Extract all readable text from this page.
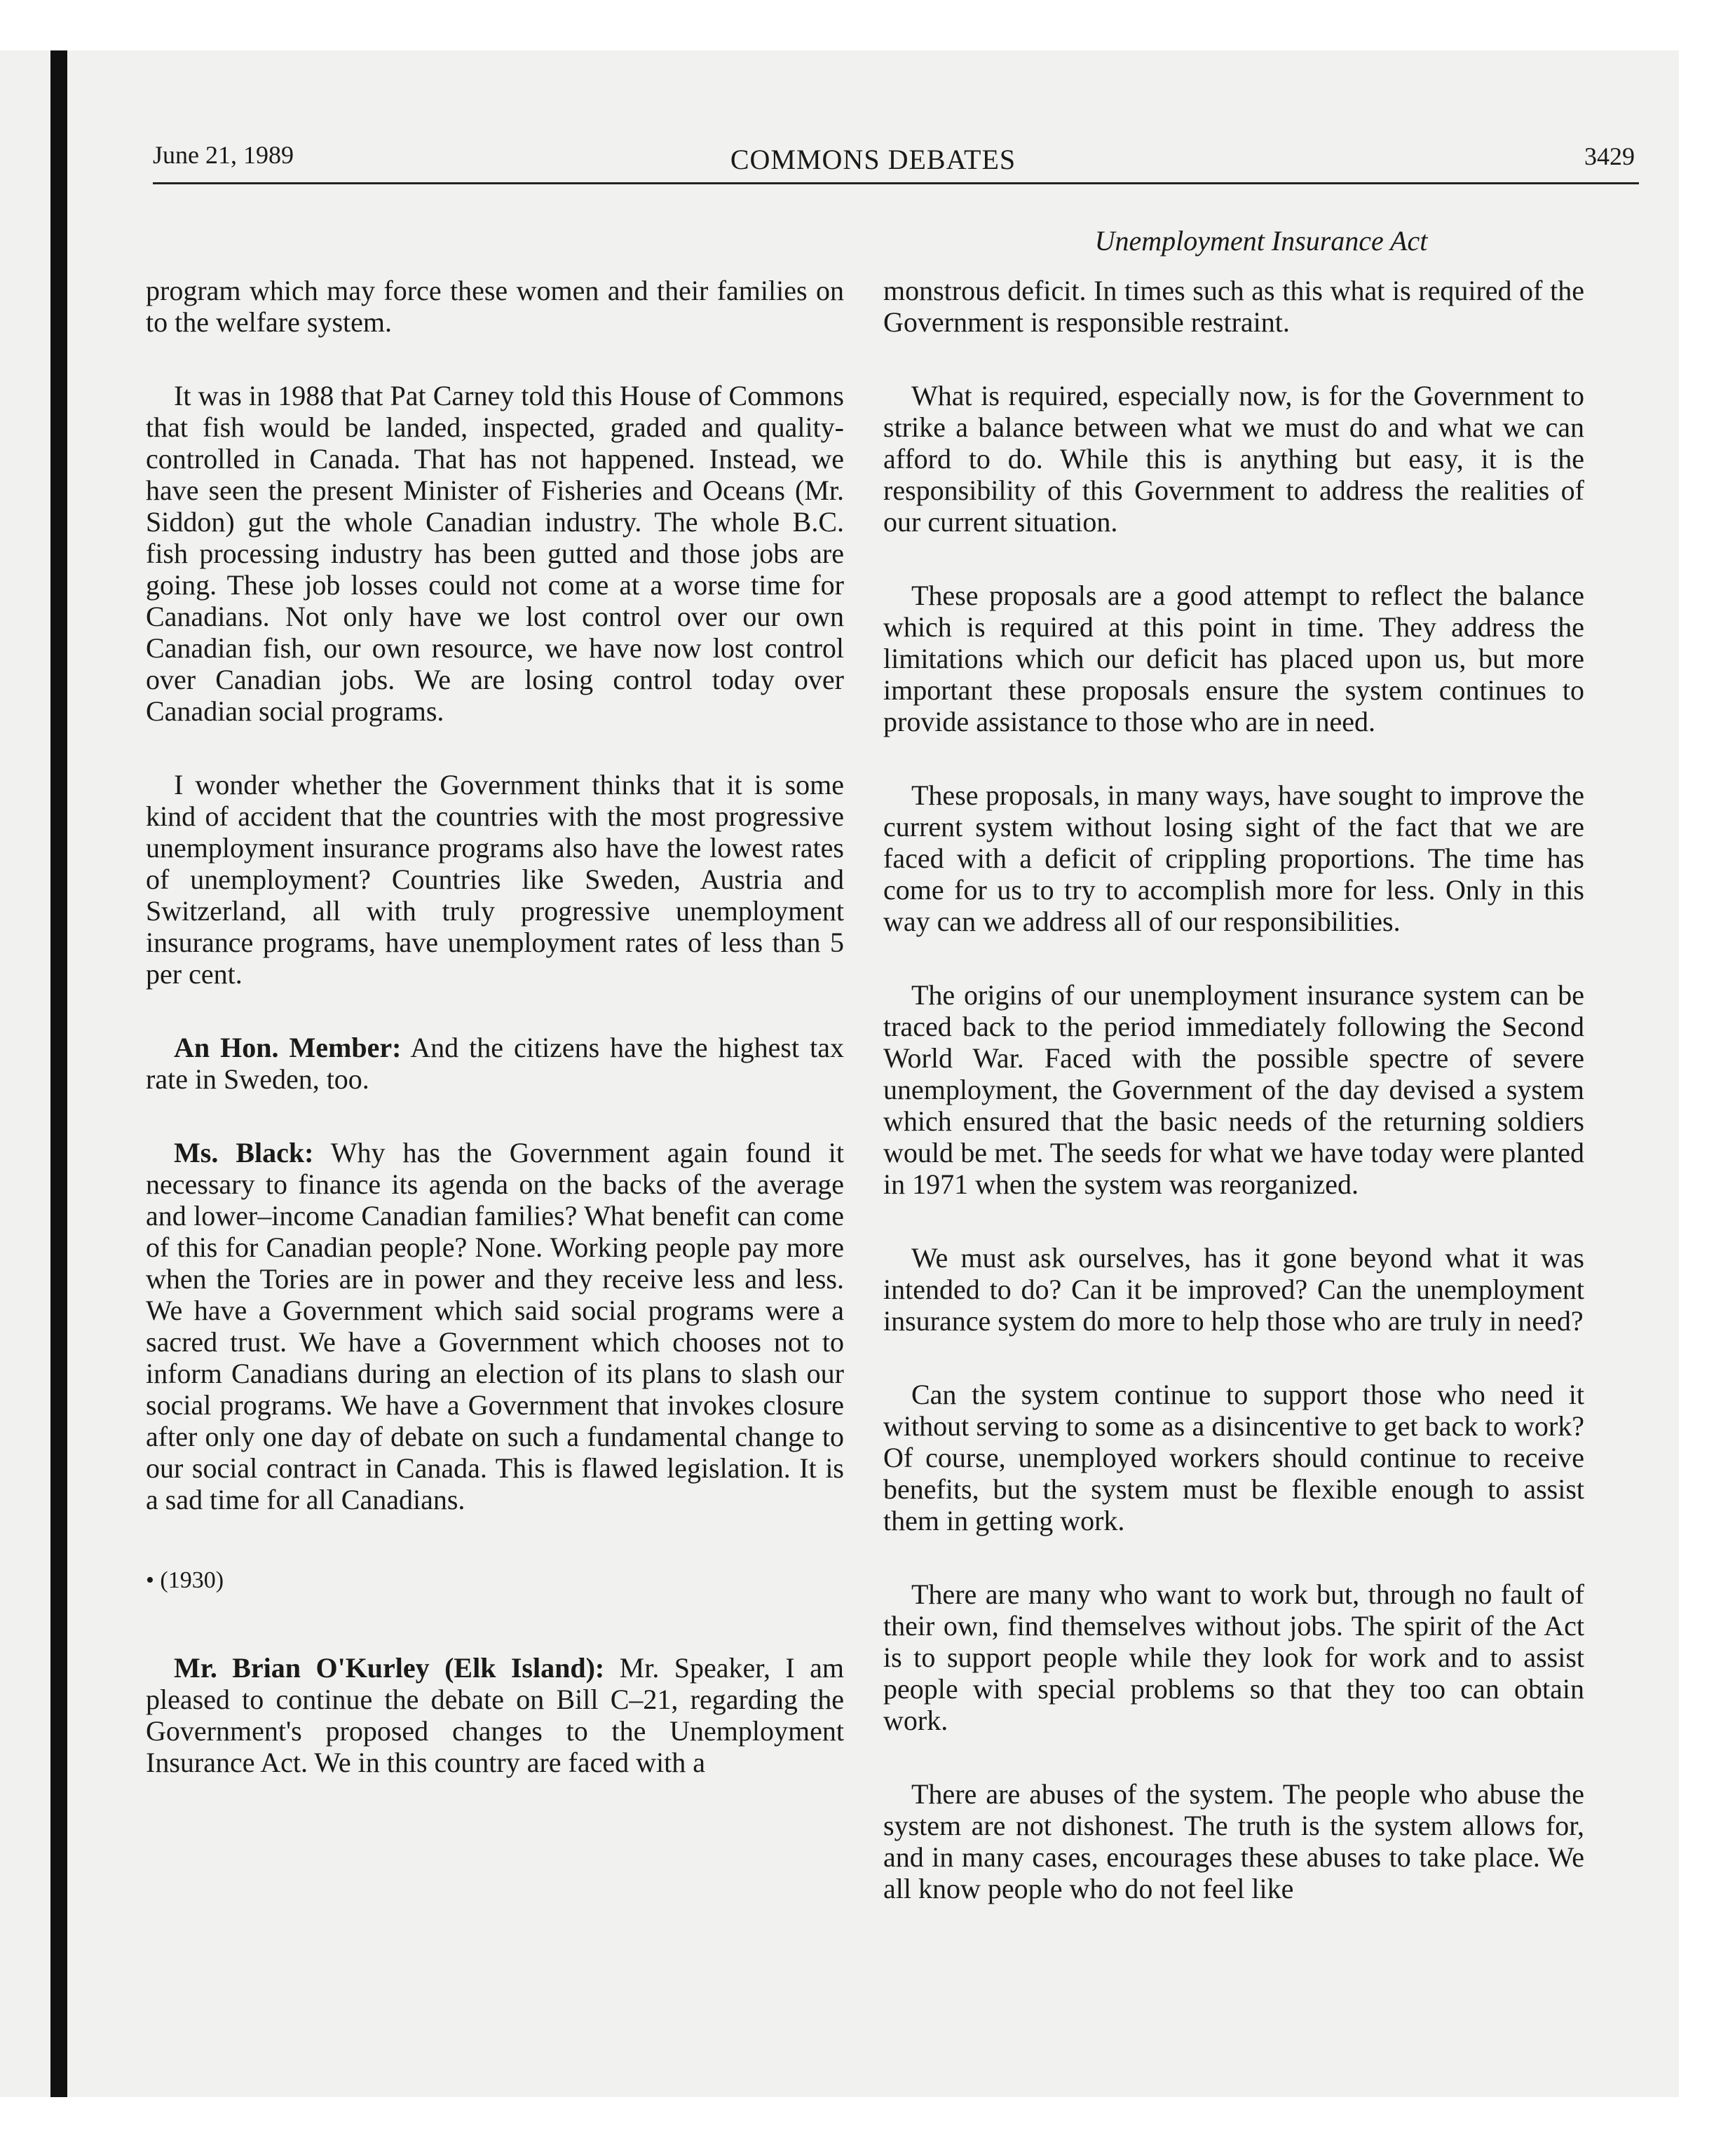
June 21, 1989	COMMONS DEBATES	3429
Unemployment Insurance Act

program which may force these women and their families on to the welfare system.

It was in 1988 that Pat Carney told this House of Commons that fish would be landed, inspected, graded and quality- controlled in Canada. That has not happened. Instead, we have seen the present Minister of Fisheries and Oceans (Mr. Siddon) gut the whole Canadian industry. The whole B.C. fish processing industry has been gutted and those jobs are going. These job losses could not come at a worse time for Canadians. Not only have we lost control over our own Canadian fish, our own resource, we have now lost control over Canadian jobs. We are losing control today over Canadian social programs.

I wonder whether the Government thinks that it is some kind of accident that the countries with the most progressive unemployment insurance programs also have the lowest rates of unemployment? Countries like Sweden, Austria and Switzerland, all with truly progressive unemployment insurance programs, have unemployment rates of less than 5 per cent.

An Hon. Member: And the citizens have the highest tax rate in Sweden, too.

Ms. Black: Why has the Government again found it necessary to finance its agenda on the backs of the average and lower–income Canadian families? What benefit can come of this for Canadian people? None. Working people pay more when the Tories are in power and they receive less and less. We have a Government which said social programs were a sacred trust. We have a Government which chooses not to inform Canadians during an election of its plans to slash our social programs. We have a Government that invokes closure after only one day of debate on such a fundamental change to our social contract in Canada. This is flawed legislation. It is a sad time for all Canadians.

• (1930)

Mr. Brian O'Kurley (Elk Island): Mr. Speaker, I am pleased to continue the debate on Bill C–21, regarding the Government's proposed changes to the Unemployment Insurance Act. We in this country are faced with a

monstrous deficit. In times such as this what is required of the Government is responsible restraint.

What is required, especially now, is for the Government to strike a balance between what we must do and what we can afford to do. While this is anything but easy, it is the responsibility of this Government to address the realities of our current situation.

These proposals are a good attempt to reflect the balance which is required at this point in time. They address the limitations which our deficit has placed upon us, but more important these proposals ensure the system continues to provide assistance to those who are in need.

These proposals, in many ways, have sought to improve the current system without losing sight of the fact that we are faced with a deficit of crippling proportions. The time has come for us to try to accomplish more for less. Only in this way can we address all of our responsibilities.

The origins of our unemployment insurance system can be traced back to the period immediately following the Second World War. Faced with the possible spectre of severe unemployment, the Government of the day devised a system which ensured that the basic needs of the returning soldiers would be met. The seeds for what we have today were planted in 1971 when the system was reorganized.

We must ask ourselves, has it gone beyond what it was intended to do? Can it be improved? Can the unemployment insurance system do more to help those who are truly in need?

Can the system continue to support those who need it without serving to some as a disincentive to get back to work? Of course, unemployed workers should continue to receive benefits, but the system must be flexible enough to assist them in getting work.

There are many who want to work but, through no fault of their own, find themselves without jobs. The spirit of the Act is to support people while they look for work and to assist people with special problems so that they too can obtain work.

There are abuses of the system. The people who abuse the system are not dishonest. The truth is the system allows for, and in many cases, encourages these abuses to take place. We all know people who do not feel like
